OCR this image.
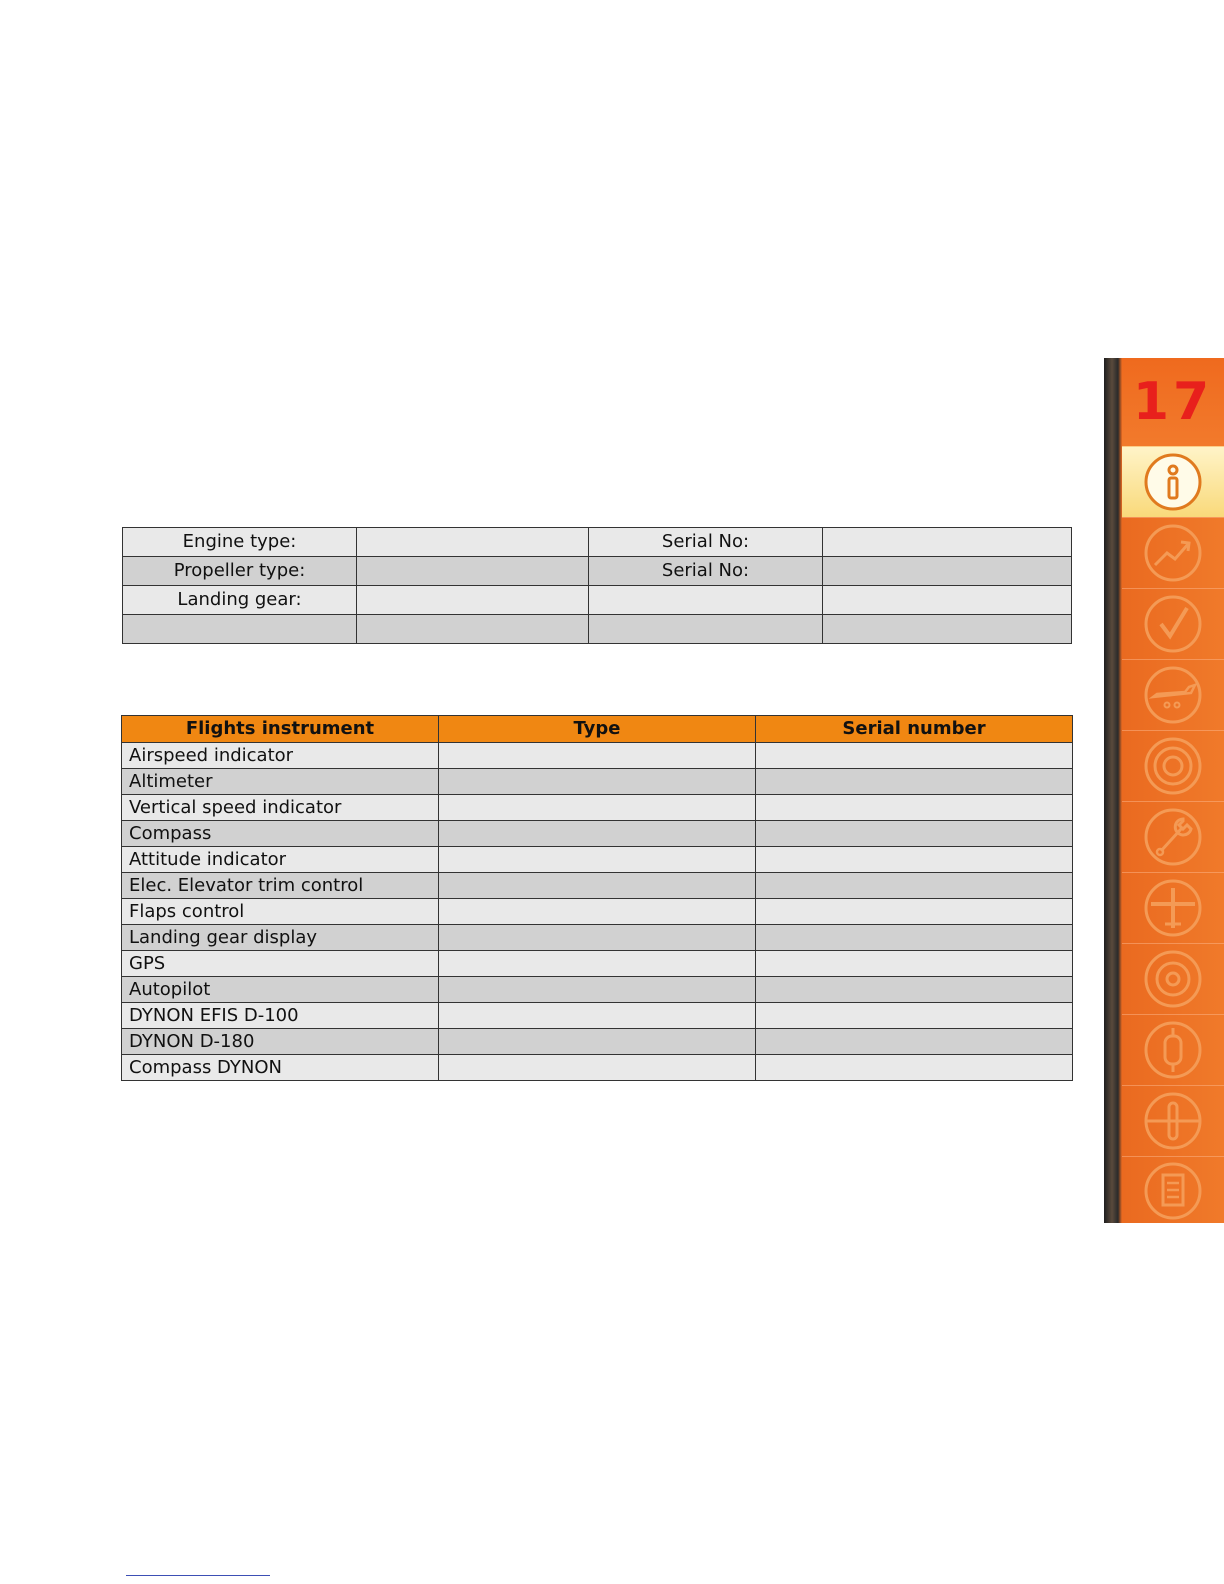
Engine type:		Serial No:	
Propeller type:		Serial No:	
Landing gear:			

Flights instrument	Type	Serial number
Airspeed indicator		
Altimeter		
Vertical speed indicator		
Compass		
Attitude indicator		
Elec. Elevator trim control		
Flaps control		
Landing gear display		
GPS		
Autopilot		
DYNON EFIS D-100		
DYNON D-180		
Compass DYNON		
17
